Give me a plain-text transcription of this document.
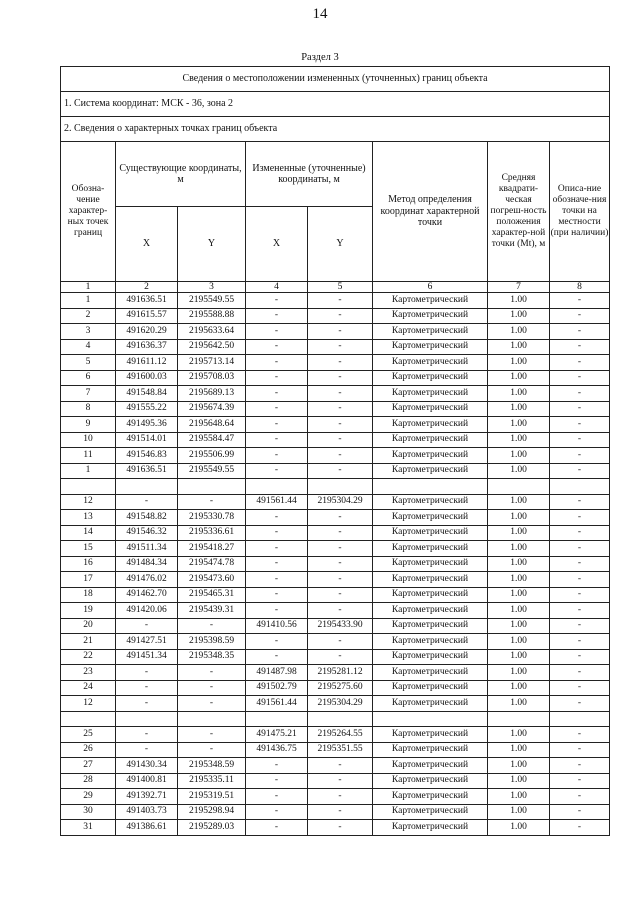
14
Раздел 3
Сведения о местоположении измененных (уточненных) границ объекта							
1. Система координат: МСК - 36, зона 2							
2. Сведения о характерных точках границ объекта							
Обозна-чение характер-ных точек границ	Существующие координаты, м		Измененные (уточненные) координаты, м		Метод определения координат характерной точки	Средняя квадрати-ческая погреш-ность положения характер-ной точки (Mt), м	Описа-ние обозначе-ния точки на местности (при наличии)
	X	Y	X	Y			
1	2	3	4	5	6	7	8
1	491636.51	2195549.55	-	-	Картометрический	1.00	-
2	491615.57	2195588.88	-	-	Картометрический	1.00	-
3	491620.29	2195633.64	-	-	Картометрический	1.00	-
4	491636.37	2195642.50	-	-	Картометрический	1.00	-
5	491611.12	2195713.14	-	-	Картометрический	1.00	-
6	491600.03	2195708.03	-	-	Картометрический	1.00	-
7	491548.84	2195689.13	-	-	Картометрический	1.00	-
8	491555.22	2195674.39	-	-	Картометрический	1.00	-
9	491495.36	2195648.64	-	-	Картометрический	1.00	-
10	491514.01	2195584.47	-	-	Картометрический	1.00	-
11	491546.83	2195506.99	-	-	Картометрический	1.00	-
1	491636.51	2195549.55	-	-	Картометрический	1.00	-

12	-	-	491561.44	2195304.29	Картометрический	1.00	-
13	491548.82	2195330.78	-	-	Картометрический	1.00	-
14	491546.32	2195336.61	-	-	Картометрический	1.00	-
15	491511.34	2195418.27	-	-	Картометрический	1.00	-
16	491484.34	2195474.78	-	-	Картометрический	1.00	-
17	491476.02	2195473.60	-	-	Картометрический	1.00	-
18	491462.70	2195465.31	-	-	Картометрический	1.00	-
19	491420.06	2195439.31	-	-	Картометрический	1.00	-
20	-	-	491410.56	2195433.90	Картометрический	1.00	-
21	491427.51	2195398.59	-	-	Картометрический	1.00	-
22	491451.34	2195348.35	-	-	Картометрический	1.00	-
23	-	-	491487.98	2195281.12	Картометрический	1.00	-
24	-	-	491502.79	2195275.60	Картометрический	1.00	-
12	-	-	491561.44	2195304.29	Картометрический	1.00	-

25	-	-	491475.21	2195264.55	Картометрический	1.00	-
26	-	-	491436.75	2195351.55	Картометрический	1.00	-
27	491430.34	2195348.59	-	-	Картометрический	1.00	-
28	491400.81	2195335.11	-	-	Картометрический	1.00	-
29	491392.71	2195319.51	-	-	Картометрический	1.00	-
30	491403.73	2195298.94	-	-	Картометрический	1.00	-
31	491386.61	2195289.03	-	-	Картометрический	1.00	-
